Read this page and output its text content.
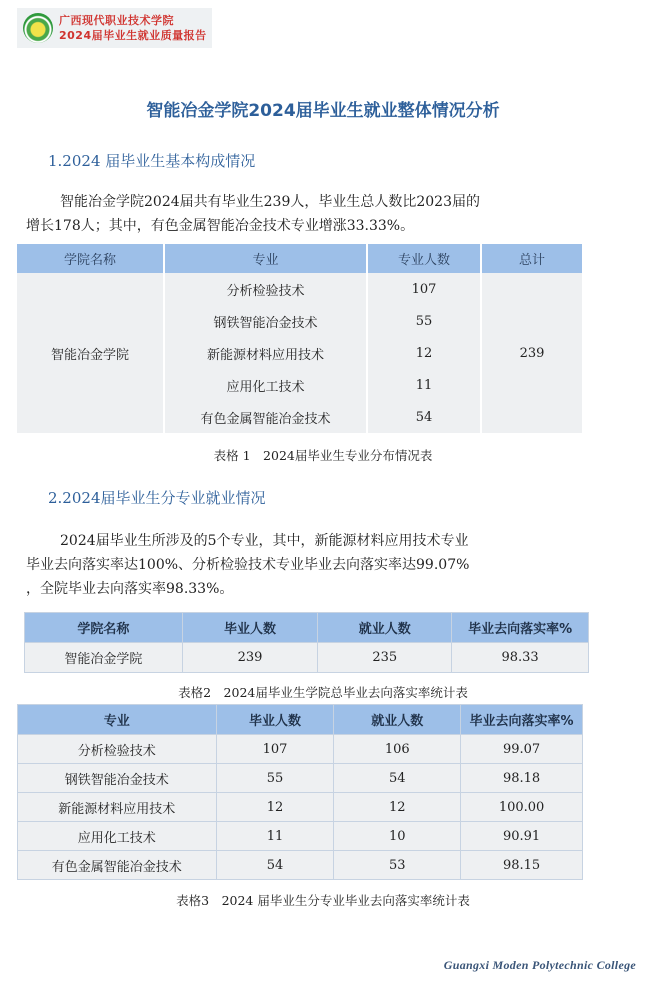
广西现代职业技术学院
2024届毕业生就业质量报告
智能冶金学院2024届毕业生就业整体情况分析
1.2024 届毕业生基本构成情况
智能冶金学院2024届共有毕业生239人，毕业生总人数比2023届的
增长178人；其中，有色金属智能冶金技术专业增涨33.33%。
学院名称	专业	专业人数	总计
智能冶金学院	分析检验技术	107	239
	钢铁智能冶金技术	55	
	新能源材料应用技术	12	
	应用化工技术	11	
	有色金属智能冶金技术	54	
表格 1　2024届毕业生专业分布情况表
2.2024届毕业生分专业就业情况
2024届毕业生所涉及的5个专业，其中，新能源材料应用技术专业
毕业去向落实率达100%、分析检验技术专业毕业去向落实率达99.07%
，全院毕业去向落实率98.33%。
学院名称	毕业人数	就业人数	毕业去向落实率%
智能冶金学院	239	235	98.33
表格2　2024届毕业生学院总毕业去向落实率统计表
专业	毕业人数	就业人数	毕业去向落实率%
分析检验技术	107	106	99.07
钢铁智能冶金技术	55	54	98.18
新能源材料应用技术	12	12	100.00
应用化工技术	11	10	90.91
有色金属智能冶金技术	54	53	98.15
表格3　2024 届毕业生分专业毕业去向落实率统计表
Guangxi Moden Polytechnic College
